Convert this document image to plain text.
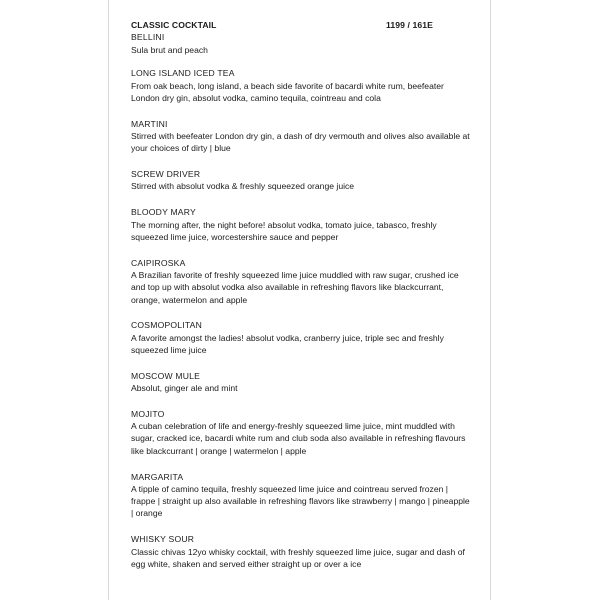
CLASSIC COCKTAIL	1199 / 161E
BELLINI
Sula brut and peach
LONG ISLAND ICED TEA
From oak beach, long island, a beach side favorite of bacardi white rum, beefeater London dry gin, absolut vodka, camino tequila, cointreau and cola
MARTINI
Stirred with beefeater London dry gin, a dash of dry vermouth and olives also available at your choices of dirty | blue
SCREW DRIVER
Stirred with absolut vodka & freshly squeezed orange juice
BLOODY MARY
The morning after, the night before! absolut vodka, tomato juice, tabasco, freshly squeezed lime juice, worcestershire sauce and pepper
CAIPIROSKA
A Brazilian favorite of freshly squeezed lime juice muddled with raw sugar, crushed ice and top up with absolut vodka also available in refreshing flavors like blackcurrant, orange, watermelon and apple
COSMOPOLITAN
A favorite amongst the ladies! absolut vodka, cranberry juice, triple sec and freshly squeezed lime juice
MOSCOW MULE
Absolut, ginger ale and mint
MOJITO
A cuban celebration of life and energy-freshly squeezed lime juice, mint muddled with sugar, cracked ice, bacardi white rum and club soda also available in refreshing flavours like blackcurrant | orange | watermelon | apple
MARGARITA
A tipple of camino tequila, freshly squeezed lime juice and cointreau served frozen | frappe | straight up also available in refreshing flavors like strawberry | mango | pineapple | orange
WHISKY SOUR
Classic chivas 12yo whisky cocktail, with freshly squeezed lime juice, sugar and dash of egg white, shaken and served either straight up or over a ice
